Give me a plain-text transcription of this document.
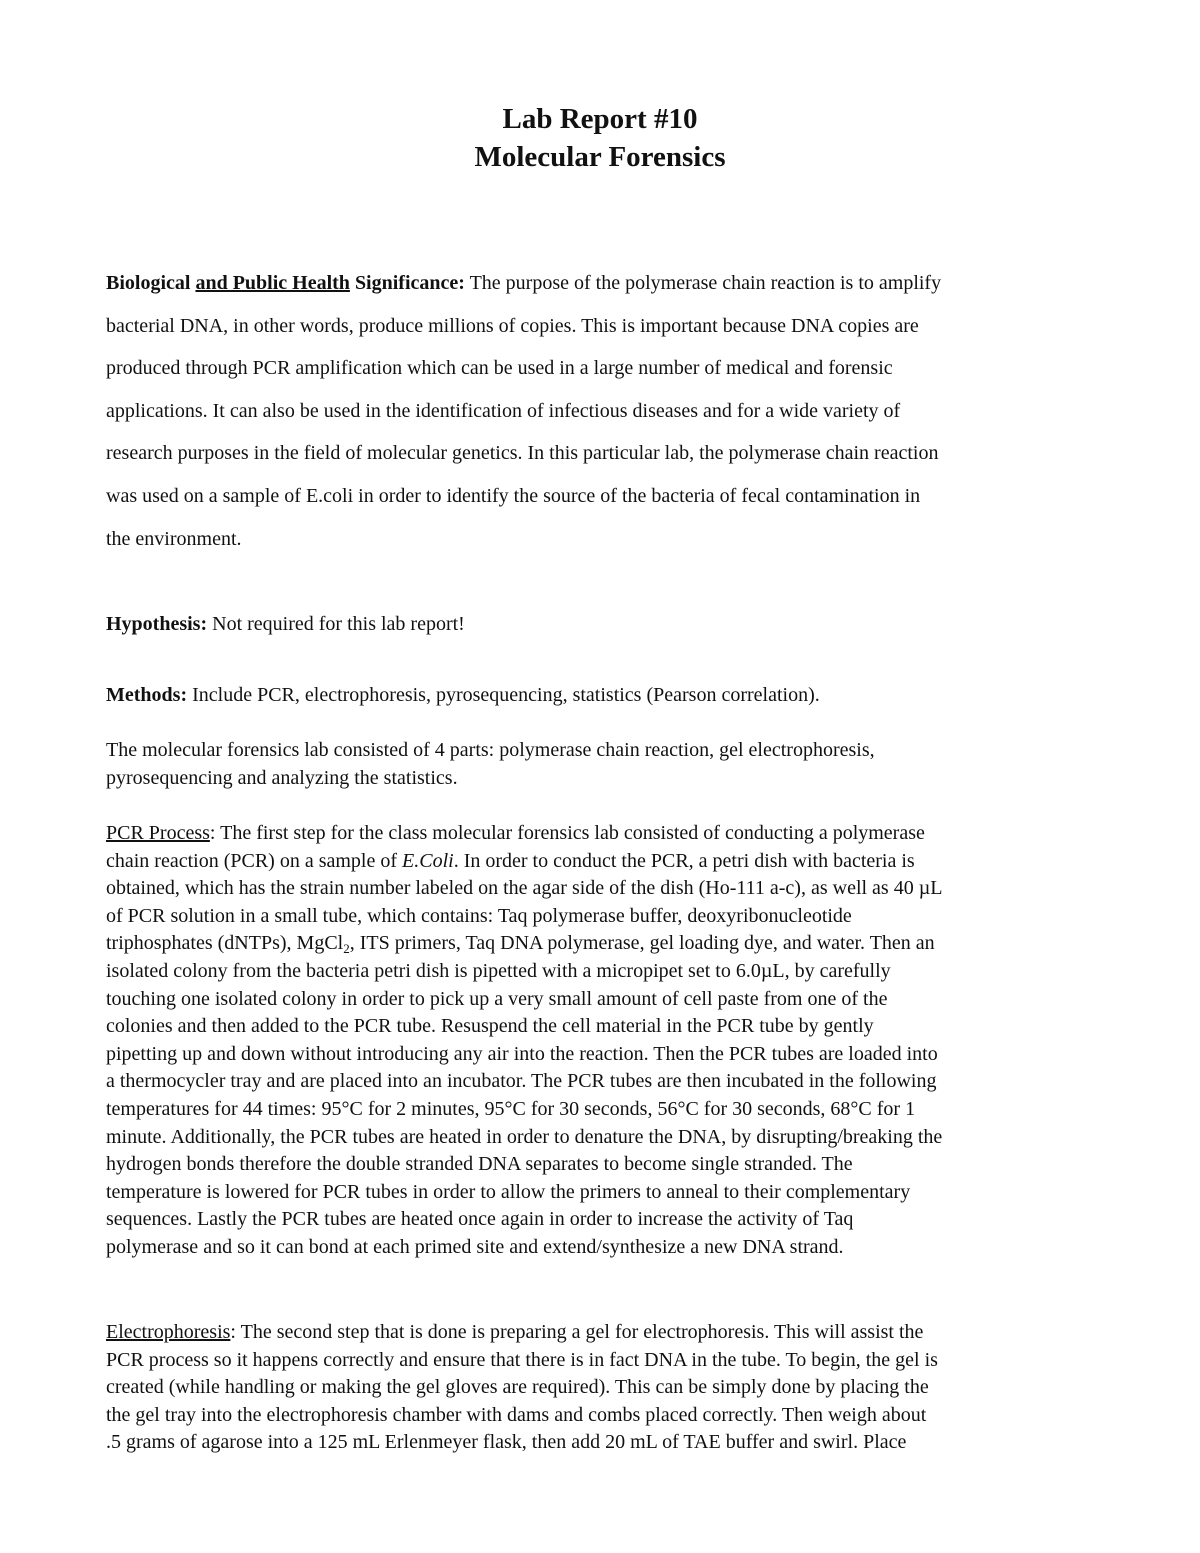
Lab Report #10
Molecular Forensics
Biological and Public Health Significance: The purpose of the polymerase chain reaction is to amplify
bacterial DNA, in other words, produce millions of copies. This is important because DNA copies are
produced through PCR amplification which can be used in a large number of medical and forensic
applications. It can also be used in the identification of infectious diseases and for a wide variety of
research purposes in the field of molecular genetics. In this particular lab, the polymerase chain reaction
was used on a sample of E.coli in order to identify the source of the bacteria of fecal contamination in
the environment.
Hypothesis: Not required for this lab report!
Methods: Include PCR, electrophoresis, pyrosequencing, statistics (Pearson correlation).
The molecular forensics lab consisted of 4 parts: polymerase chain reaction, gel electrophoresis,
pyrosequencing and analyzing the statistics.
PCR Process: The first step for the class molecular forensics lab consisted of conducting a polymerase
chain reaction (PCR) on a sample of E.Coli. In order to conduct the PCR, a petri dish with bacteria is
obtained, which has the strain number labeled on the agar side of the dish (Ho-111 a-c), as well as 40 µL
of PCR solution in a small tube, which contains: Taq polymerase buffer, deoxyribonucleotide
triphosphates (dNTPs), MgCl$_2$, ITS primers, Taq DNA polymerase, gel loading dye, and water. Then an
isolated colony from the bacteria petri dish is pipetted with a micropipet set to 6.0µL, by carefully
touching one isolated colony in order to pick up a very small amount of cell paste from one of the
colonies and then added to the PCR tube. Resuspend the cell material in the PCR tube by gently
pipetting up and down without introducing any air into the reaction. Then the PCR tubes are loaded into
a thermocycler tray and are placed into an incubator. The PCR tubes are then incubated in the following
temperatures for 44 times: 95°C for 2 minutes, 95°C for 30 seconds, 56°C for 30 seconds, 68°C for 1
minute. Additionally, the PCR tubes are heated in order to denature the DNA, by disrupting/breaking the
hydrogen bonds therefore the double stranded DNA separates to become single stranded. The
temperature is lowered for PCR tubes in order to allow the primers to anneal to their complementary
sequences. Lastly the PCR tubes are heated once again in order to increase the activity of Taq
polymerase and so it can bond at each primed site and extend/synthesize a new DNA strand.
Electrophoresis: The second step that is done is preparing a gel for electrophoresis. This will assist the
PCR process so it happens correctly and ensure that there is in fact DNA in the tube. To begin, the gel is
created (while handling or making the gel gloves are required). This can be simply done by placing the
the gel tray into the electrophoresis chamber with dams and combs placed correctly. Then weigh about
.5 grams of agarose into a 125 mL Erlenmeyer flask, then add 20 mL of TAE buffer and swirl. Place
